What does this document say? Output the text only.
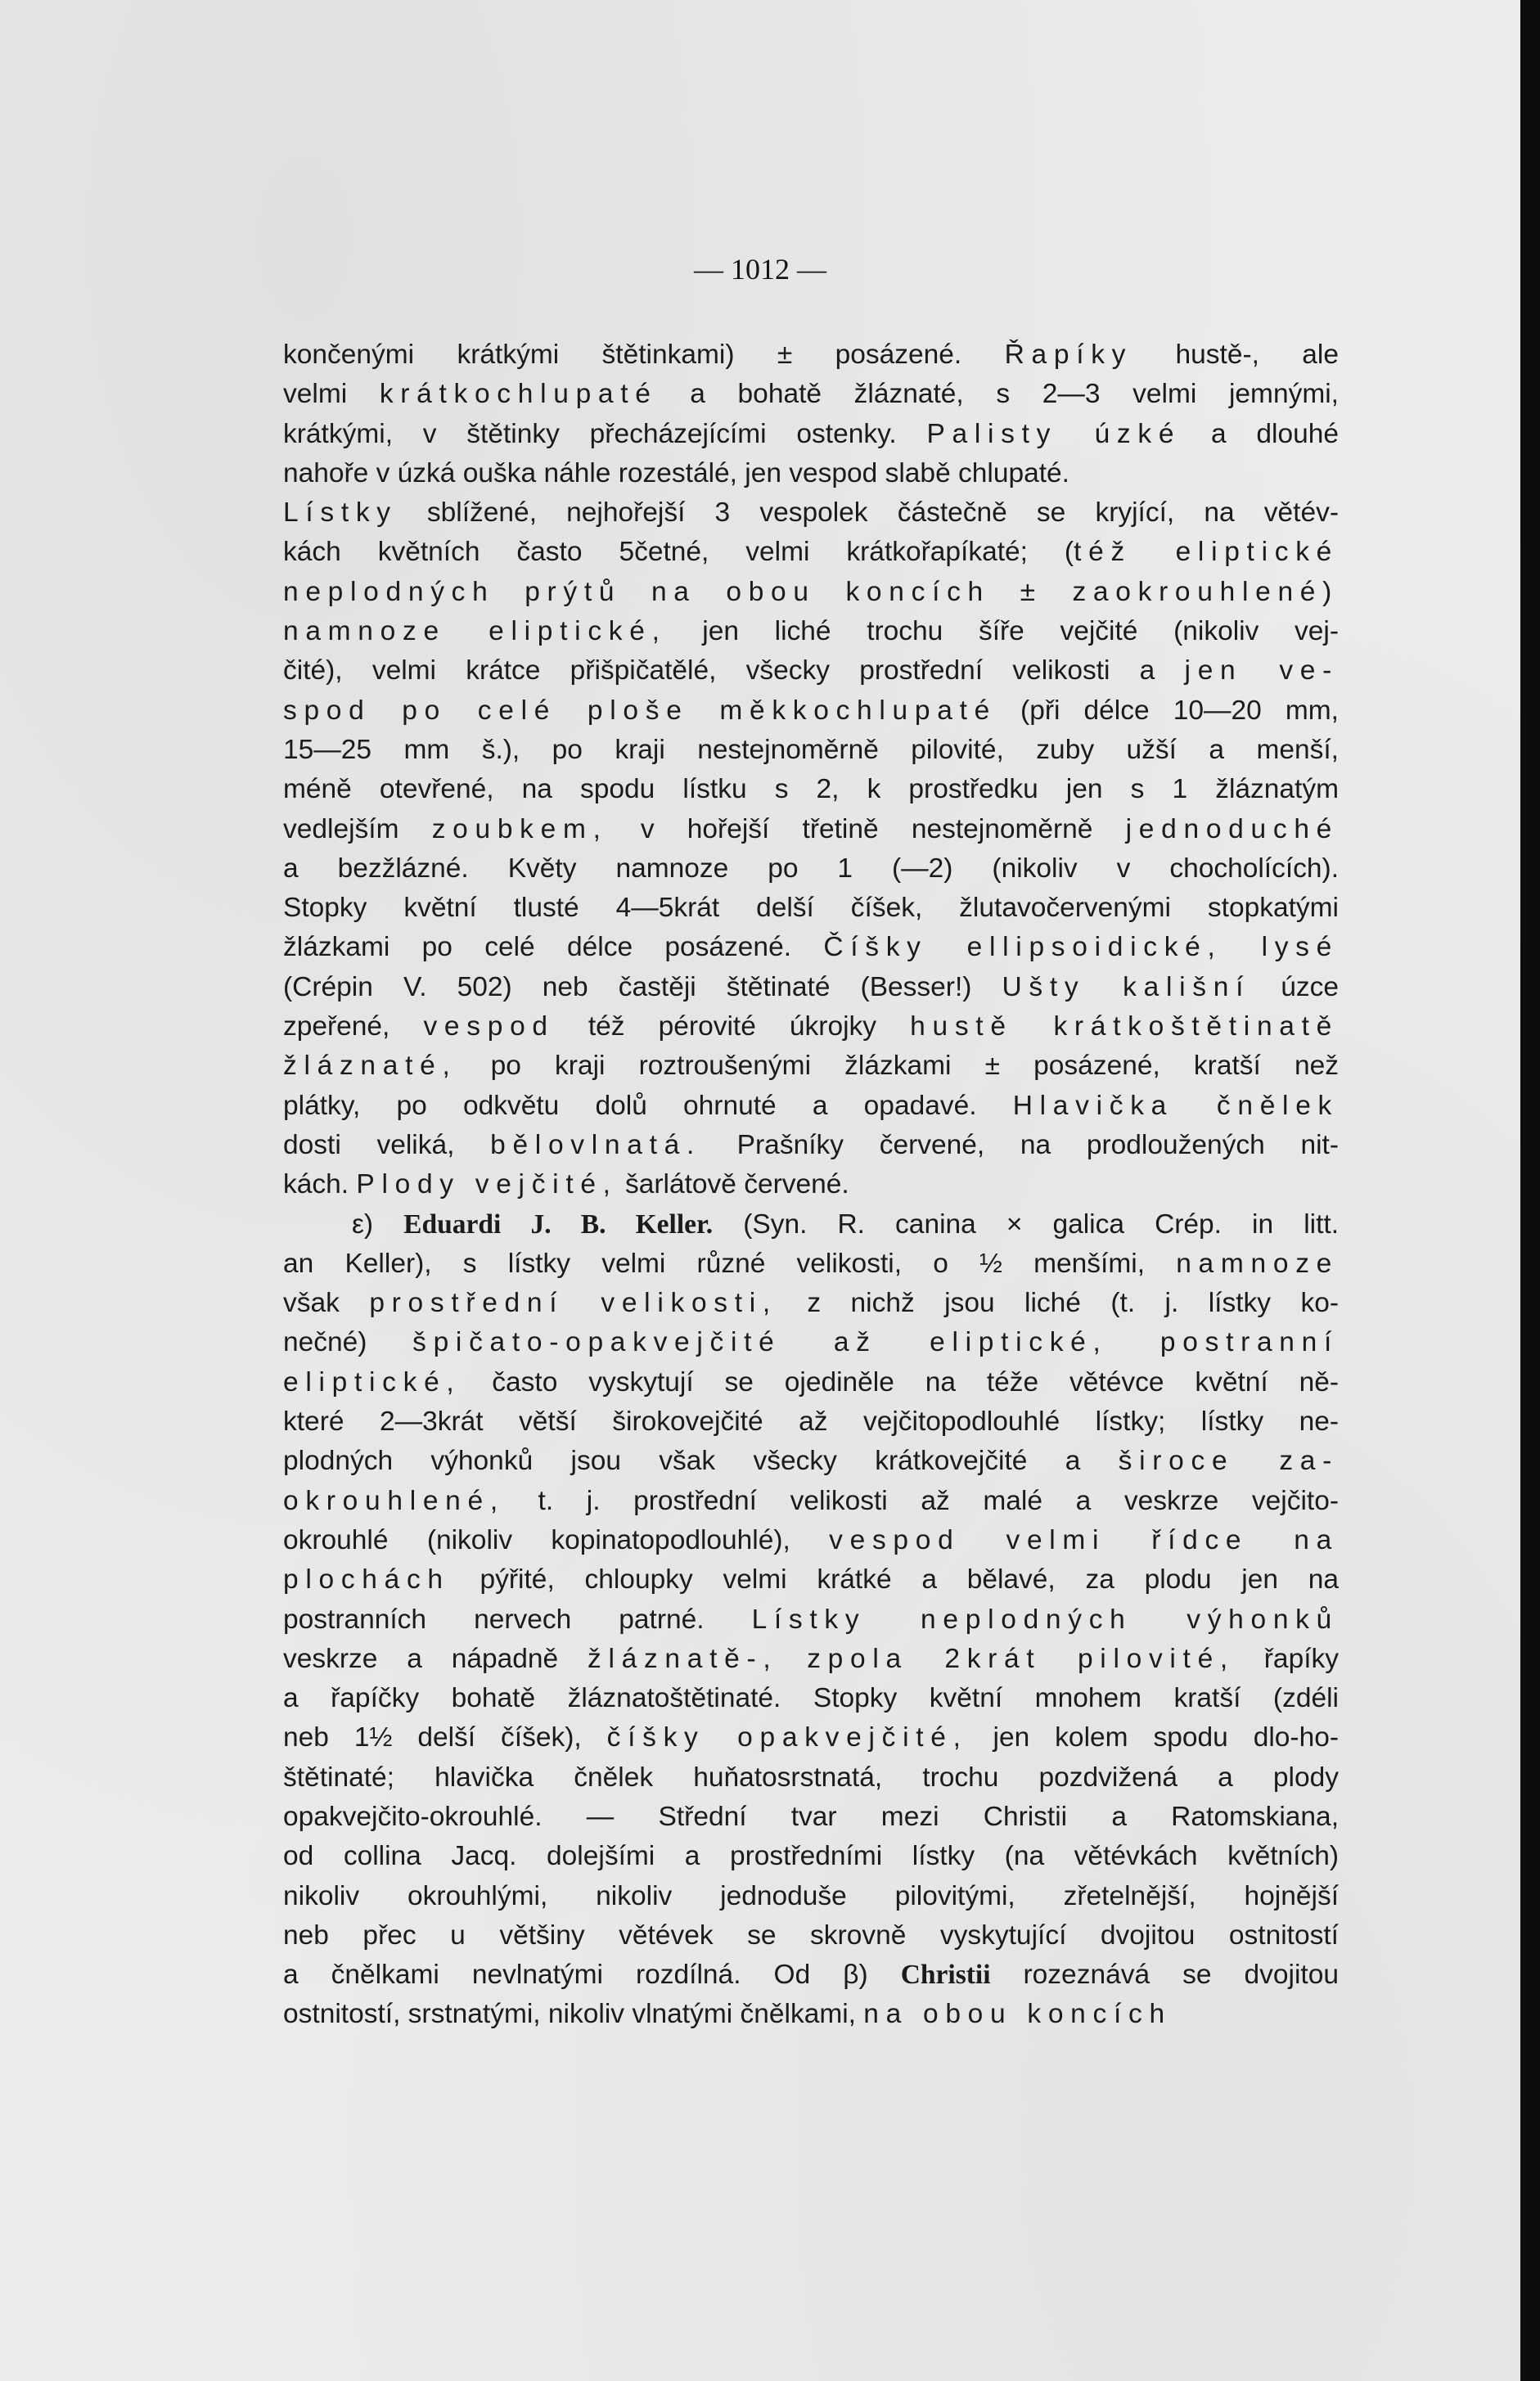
— 1012 —
končenými krátkými štětinkami) ± posázené. Řapíky hustě-, ale
velmi krátkochlupaté a bohatě žláznaté, s 2—3 velmi jemnými,
krátkými, v štětinky přecházejícími ostenky. Palisty úzké a dlouhé
nahoře v úzká ouška náhle rozestálé, jen vespod slabě chlupaté.
Lístky sblížené, nejhořejší 3 vespolek částečně se kryjící, na větév-
kách květních často 5četné, velmi krátkořapíkaté; (též eliptické
neplodných prýtů na obou koncích ± zaokrouhlené)
namnoze eliptické, jen liché trochu šíře vejčité (nikoliv vej-
čité), velmi krátce přišpičatělé, všecky prostřední velikosti a jen ve-
spod po celé ploše měkkochlupaté (při délce 10—20 mm,
15—25 mm š.), po kraji nestejnoměrně pilovité, zuby užší a menší,
méně otevřené, na spodu lístku s 2, k prostředku jen s 1 žláznatým
vedlejším zoubkem, v hořejší třetině nestejnoměrně jednoduché
a bezžlázné. Květy namnoze po 1 (—2) (nikoliv v chocholících).
Stopky květní tlusté 4—5krát delší číšek, žlutavočervenými stopkatými
žlázkami po celé délce posázené. Číšky ellipsoidické, lysé
(Crépin V. 502) neb častěji štětinaté (Besser!) Ušty kališní úzce
zpeřené, vespod též pérovité úkrojky hustě krátkoštětinatě
žláznaté, po kraji roztroušenými žlázkami ± posázené, kratší než
plátky, po odkvětu dolů ohrnuté a opadavé. Hlavička čnělek
dosti veliká, bělovlnatá. Prašníky červené, na prodloužených nit-
kách. Plody vejčité, šarlátově červené.
ε) Eduardi J. B. Keller. (Syn. R. canina × galica Crép. in litt.
an Keller), s lístky velmi různé velikosti, o ½ menšími, namnoze
však prostřední velikosti, z nichž jsou liché (t. j. lístky ko-
nečné) špičato-opakvejčité až eliptické, postranní
eliptické, často vyskytují se ojediněle na téže větévce květní ně-
které 2—3krát větší širokovejčité až vejčitopodlouhlé lístky; lístky ne-
plodných výhonků jsou však všecky krátkovejčité a široce za-
okrouhlené, t. j. prostřední velikosti až malé a veskrze vejčito-
okrouhlé (nikoliv kopinatopodlouhlé), vespod velmi řídce na
plochách pýřité, chloupky velmi krátké a bělavé, za plodu jen na
postranních nervech patrné. Lístky neplodných výhonků
veskrze a nápadně žláznatě-, zpola 2krát pilovité, řapíky
a řapíčky bohatě žláznatoštětinaté. Stopky květní mnohem kratší (zdéli
neb 1½ delší číšek), číšky opakvejčité, jen kolem spodu dlo-ho-
štětinaté; hlavička čnělek huňatosrstnatá, trochu pozdvižená a plody
opakvejčito-okrouhlé. — Střední tvar mezi Christii a Ratomskiana,
od collina Jacq. dolejšími a prostředními lístky (na větévkách květních)
nikoliv okrouhlými, nikoliv jednoduše pilovitými, zřetelnější, hojnější
neb přec u většiny větévek se skrovně vyskytující dvojitou ostnitostí
a čnělkami nevlnatými rozdílná. Od β) Christii rozeznává se dvojitou
ostnitostí, srstnatými, nikoliv vlnatými čnělkami, na obou koncích
